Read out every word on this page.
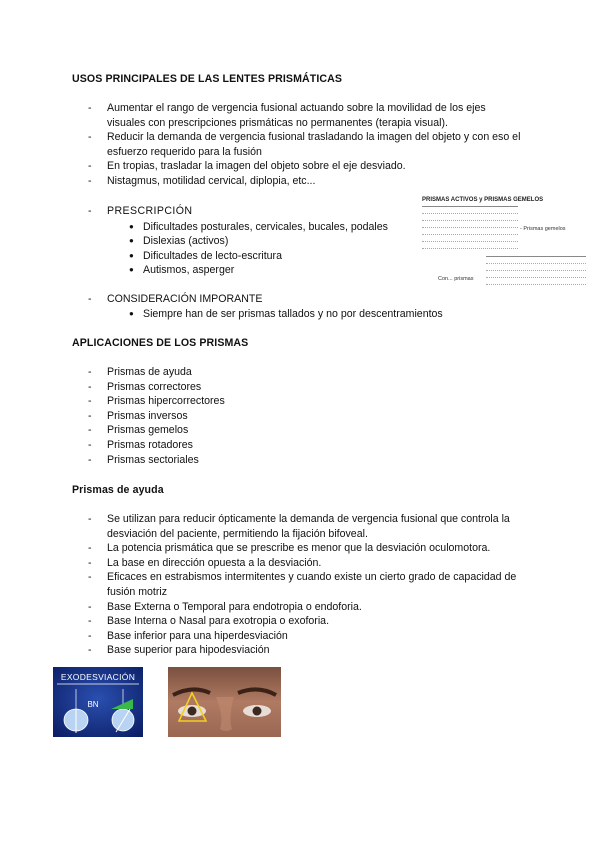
USOS PRINCIPALES DE LAS LENTES PRISMÁTICAS
- Aumentar el rango de vergencia fusional actuando sobre la movilidad de los ejes visuales con prescripciones prismáticas no permanentes (terapia visual).
- Reducir la demanda de vergencia fusional trasladando la imagen del objeto y con eso el esfuerzo requerido para la fusión
- En tropias, trasladar la imagen del objeto sobre el eje desviado.
- Nistagmus, motilidad cervical, diplopia, etc...
- PRESCRIPCIÓN
● Dificultades posturales, cervicales, bucales, podales
● Dislexias (activos)
● Dificultades de lecto-escritura
● Autismos, asperger
- CONSIDERACIÓN IMPORANTE
● Siempre han de ser prismas tallados y no por descentramientos
PRISMAS ACTIVOS y PRISMAS GEMELOS
- Prismas gemelos
Con... prismas
APLICACIONES DE LOS PRISMAS
- Prismas de ayuda
- Prismas correctores
- Prismas hipercorrectores
- Prismas inversos
- Prismas gemelos
- Prismas rotadores
- Prismas sectoriales
Prismas de ayuda
- Se utilizan para reducir ópticamente la demanda de vergencia fusional que controla la desviación del paciente, permitiendo la fijación bifoveal.
- La potencia prismática que se prescribe es menor que la desviación oculomotora.
- La base en dirección opuesta a la desviación.
- Eficaces en estrabismos intermitentes y cuando existe un cierto grado de capacidad de fusión motriz
- Base Externa o Temporal para endotropia o endoforia.
- Base Interna o Nasal para exotropia o exoforia.
- Base inferior para una hiperdesviación
- Base superior para hipodesviación
EXODESVIACIÓN
BN
